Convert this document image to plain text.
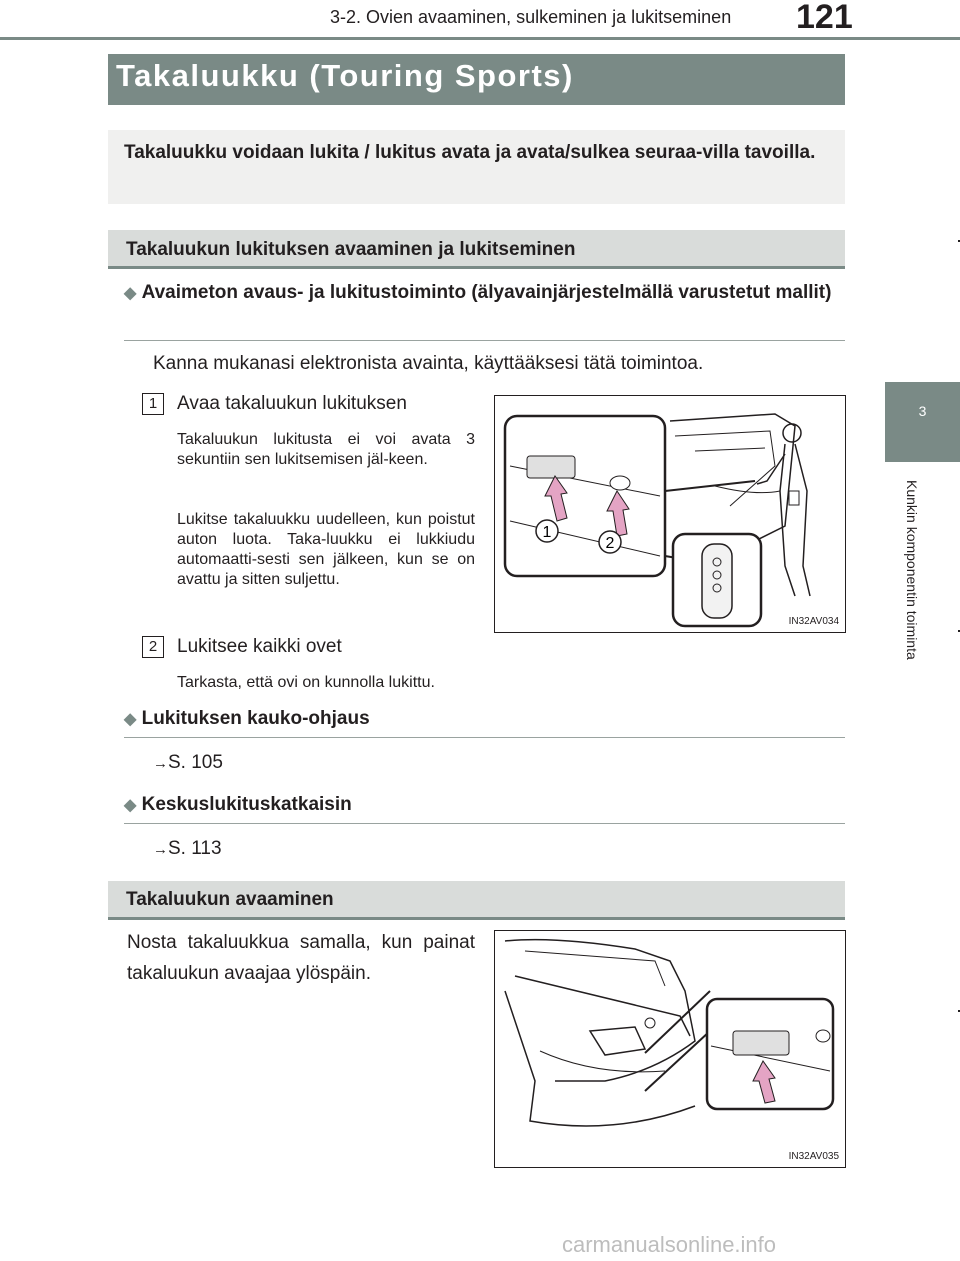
3-2. Ovien avaaminen, sulkeminen ja lukitseminen 121
3
Kunkin komponentin toiminta
Takaluukku (Touring Sports)
Takaluukku voidaan lukita / lukitus avata ja avata/sulkea seuraa-villa tavoilla.
Takaluukun lukituksen avaaminen ja lukitseminen
◆ Avaimeton avaus- ja lukitustoiminto (älyavainjärjestelmällä varustetut mallit)
Kanna mukanasi elektronista avainta, käyttääksesi tätä toimintoa.
1	Avaa takaluukun lukituksen
Takaluukun lukitusta ei voi avata 3 sekuntiin sen lukitsemisen jäl-keen.
Lukitse takaluukku uudelleen, kun poistut auton luota. Taka-luukku ei lukkiudu automaatti-sesti sen jälkeen, kun se on avattu ja sitten suljettu.
2	Lukitsee kaikki ovet
Tarkasta, että ovi on kunnolla lukittu.
1
2
IN32AV034
◆ Lukituksen kauko-ohjaus
→S. 105
◆ Keskuslukituskatkaisin
→S. 113
Takaluukun avaaminen
Nosta takaluukkua samalla, kun painat takaluukun avaajaa ylöspäin.
IN32AV035
carmanualsonline.info
